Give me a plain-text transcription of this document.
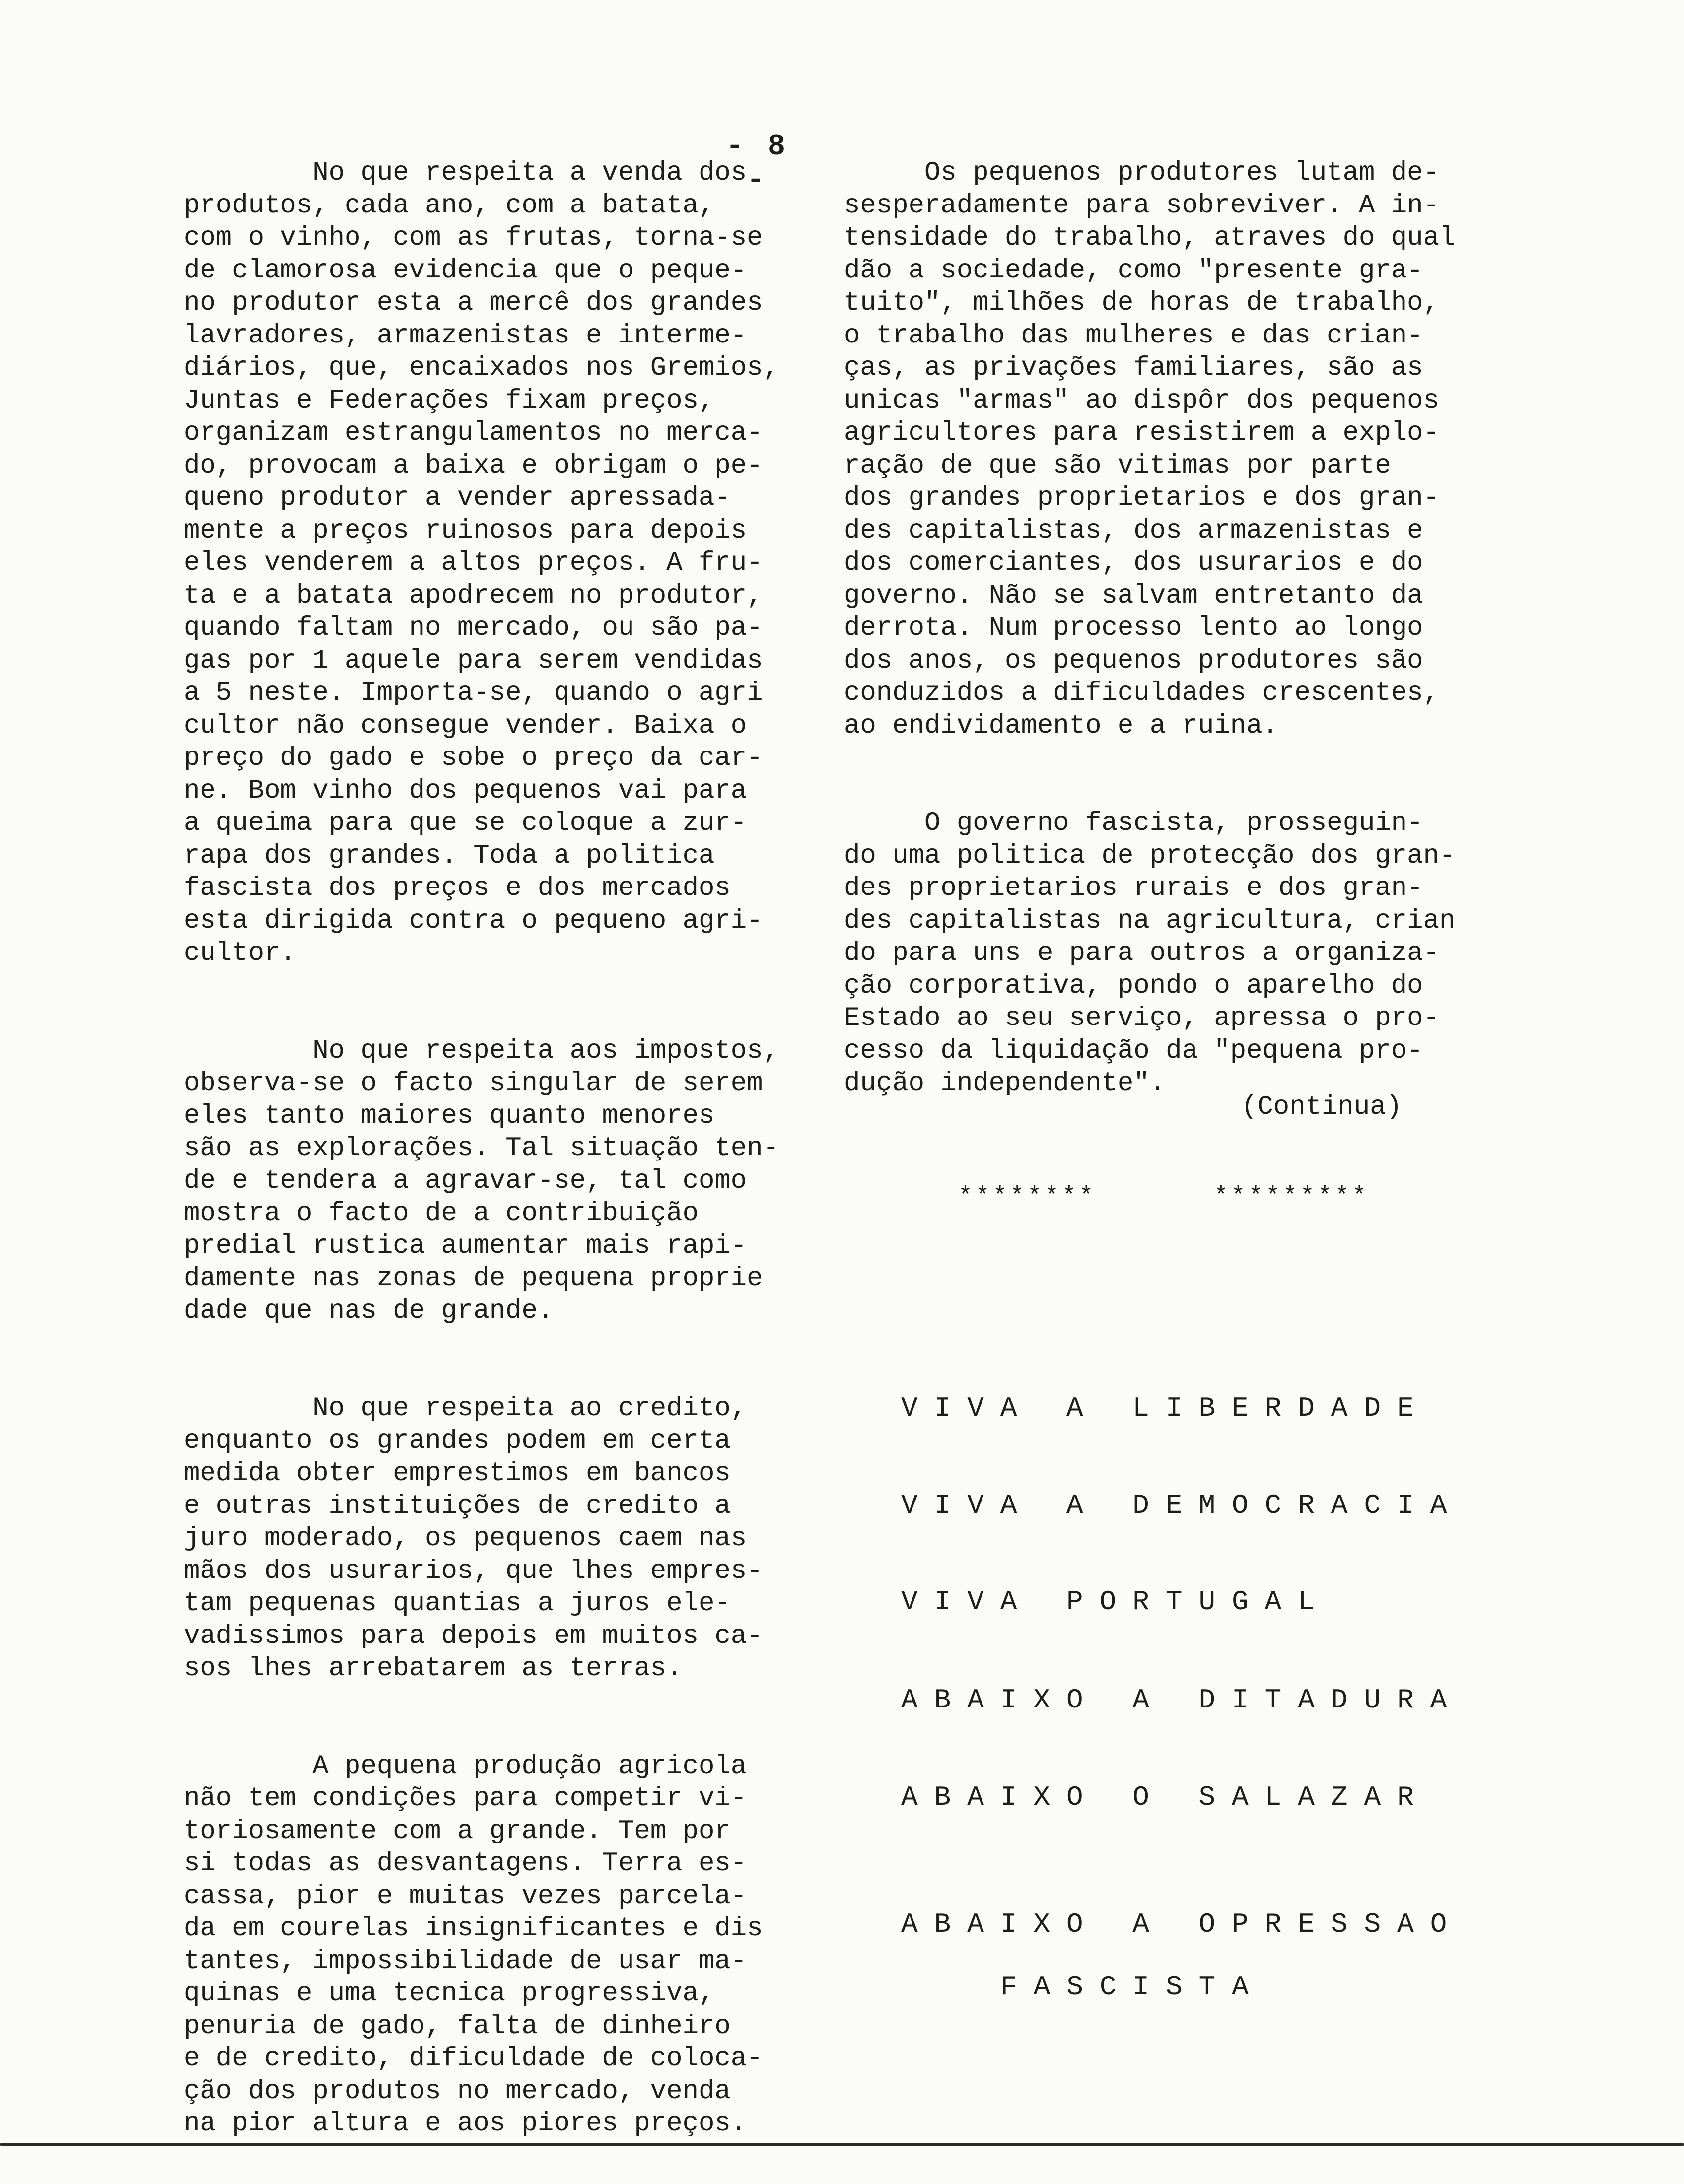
- 8 -

No que respeita a venda dos
produtos, cada ano, com a batata,
com o vinho, com as frutas, torna-se
de clamorosa evidencia que o peque-
no produtor esta a mercê dos grandes
lavradores, armazenistas e interme-
diários, que, encaixados nos Gremios,
Juntas e Federações fixam preços,
organizam estrangulamentos no merca-
do, provocam a baixa e obrigam o pe-
queno produtor a vender apressada-
mente a preços ruinosos para depois
eles venderem a altos preços. A fru-
ta e a batata apodrecem no produtor,
quando faltam no mercado, ou são pa-
gas por 1 aquele para serem vendidas
a 5 neste. Importa-se, quando o agri
cultor não consegue vender. Baixa o
preço do gado e sobe o preço da car-
ne. Bom vinho dos pequenos vai para
a queima para que se coloque a zur-
rapa dos grandes. Toda a politica
fascista dos preços e dos mercados
esta dirigida contra o pequeno agri-
cultor.

No que respeita aos impostos,
observa-se o facto singular de serem
eles tanto maiores quanto menores
são as explorações. Tal situação ten-
de e tendera a agravar-se, tal como
mostra o facto de a contribuição
predial rustica aumentar mais rapi-
damente nas zonas de pequena proprie
dade que nas de grande.

No que respeita ao credito,
enquanto os grandes podem em certa
medida obter emprestimos em bancos
e outras instituições de credito a
juro moderado, os pequenos caem nas
mãos dos usurarios, que lhes empres-
tam pequenas quantias a juros ele-
vadissimos para depois em muitos ca-
sos lhes arrebatarem as terras.

A pequena produção agricola
não tem condições para competir vi-
toriosamente com a grande. Tem por
si todas as desvantagens. Terra es-
cassa, pior e muitas vezes parcela-
da em courelas insignificantes e dis
tantes, impossibilidade de usar ma-
quinas e uma tecnica progressiva,
penuria de gado, falta de dinheiro
e de credito, dificuldade de coloca-
ção dos produtos no mercado, venda
na pior altura e aos piores preços.

Os pequenos produtores lutam de-
sesperadamente para sobreviver. A in-
tensidade do trabalho, atraves do qual
dão a sociedade, como "presente gra-
tuito", milhões de horas de trabalho,
o trabalho das mulheres e das crian-
ças, as privações familiares, são as
unicas "armas" ao dispôr dos pequenos
agricultores para resistirem a explo-
ração de que são vitimas por parte
dos grandes proprietarios e dos gran-
des capitalistas, dos armazenistas e
dos comerciantes, dos usurarios e do
governo. Não se salvam entretanto da
derrota. Num processo lento ao longo
dos anos, os pequenos produtores são
conduzidos a dificuldades crescentes,
ao endividamento e a ruina.

O governo fascista, prosseguin-
do uma politica de protecção dos gran-
des proprietarios rurais e dos gran-
des capitalistas na agricultura, crian
do para uns e para outros a organiza-
ção corporativa, pondo o aparelho do
Estado ao seu serviço, apressa o pro-
cesso da liquidação da "pequena pro-
dução independente".

(Continua)
********	*********
VIVA A LIBERDADE
VIVA A DEMOCRACIA
VIVA PORTUGAL
ABAIXO A DITADURA
ABAIXO O SALAZAR
ABAIXO A OPRESSAO
FASCISTA
